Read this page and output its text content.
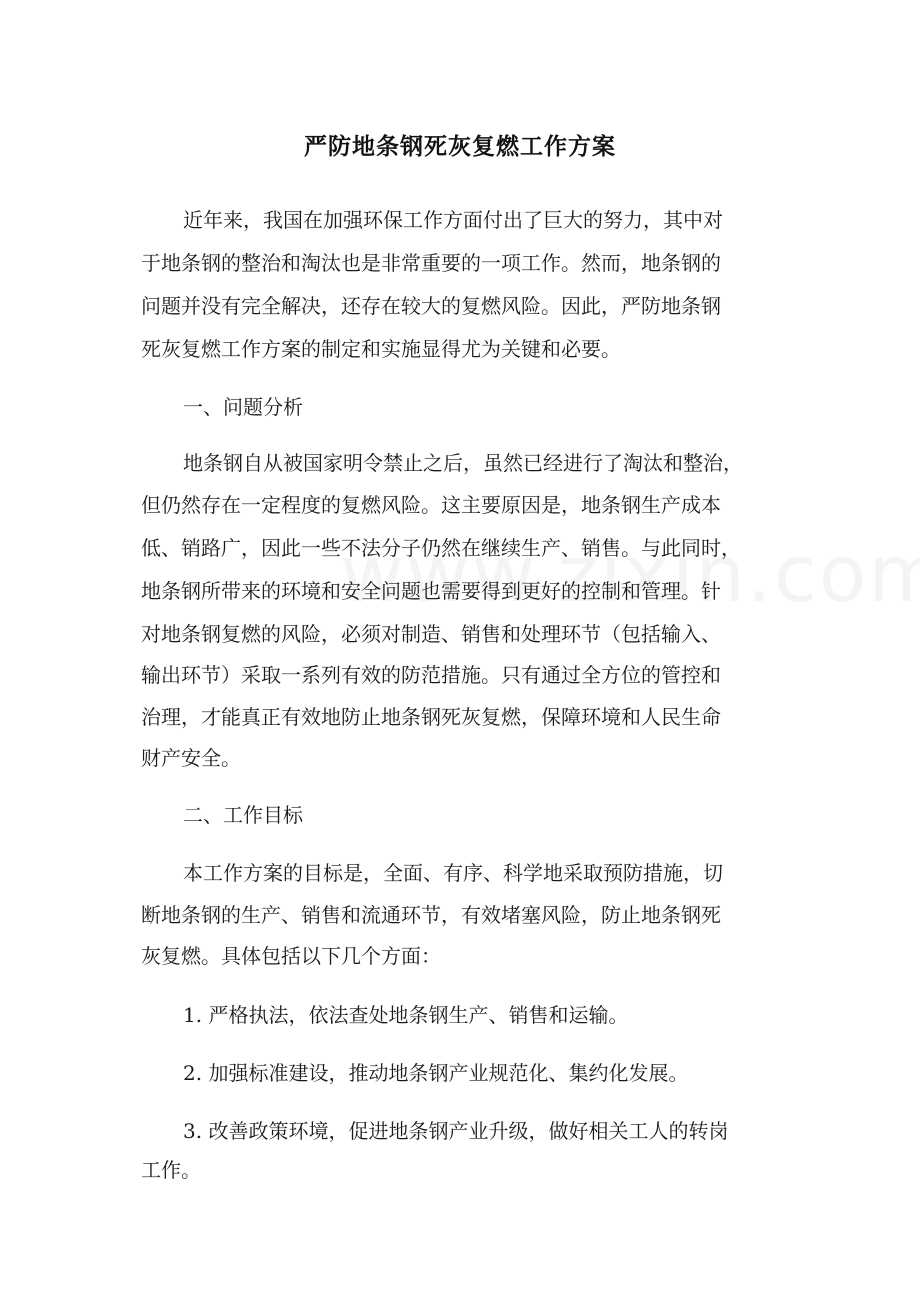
严防地条钢死灰复燃工作方案
近年来，我国在加强环保工作方面付出了巨大的努力，其中对
于地条钢的整治和淘汰也是非常重要的一项工作。然而，地条钢的
问题并没有完全解决，还存在较大的复燃风险。因此，严防地条钢
死灰复燃工作方案的制定和实施显得尤为关键和必要。
一、问题分析
地条钢自从被国家明令禁止之后，虽然已经进行了淘汰和整治，
但仍然存在一定程度的复燃风险。这主要原因是，地条钢生产成本
低、销路广，因此一些不法分子仍然在继续生产、销售。与此同时，
地条钢所带来的环境和安全问题也需要得到更好的控制和管理。针
对地条钢复燃的风险，必须对制造、销售和处理环节（包括输入、
输出环节）采取一系列有效的防范措施。只有通过全方位的管控和
治理，才能真正有效地防止地条钢死灰复燃，保障环境和人民生命
财产安全。
二、工作目标
本工作方案的目标是，全面、有序、科学地采取预防措施，切
断地条钢的生产、销售和流通环节，有效堵塞风险，防止地条钢死
灰复燃。具体包括以下几个方面：
1. 严格执法，依法查处地条钢生产、销售和运输。
2. 加强标准建设，推动地条钢产业规范化、集约化发展。
3. 改善政策环境，促进地条钢产业升级，做好相关工人的转岗
工作。
